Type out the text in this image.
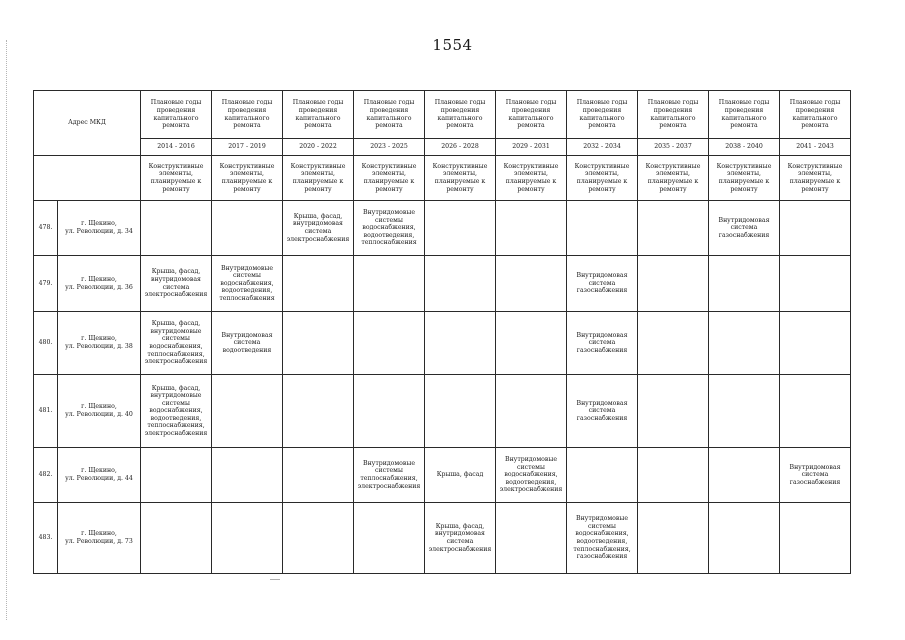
1554
Адрес МКД		Плановые годы проведения капитального ремонта	Плановые годы проведения капитального ремонта	Плановые годы проведения капитального ремонта	Плановые годы проведения капитального ремонта	Плановые годы проведения капитального ремонта	Плановые годы проведения капитального ремонта	Плановые годы проведения капитального ремонта	Плановые годы проведения капитального ремонта	Плановые годы проведения капитального ремонта	Плановые годы проведения капитального ремонта
		2014 - 2016	2017 - 2019	2020 - 2022	2023 - 2025	2026 - 2028	2029 - 2031	2032 - 2034	2035 - 2037	2038 - 2040	2041 - 2043
		Конструктивные элементы, планируемые к ремонту	Конструктивные элементы, планируемые к ремонту	Конструктивные элементы, планируемые к ремонту	Конструктивные элементы, планируемые к ремонту	Конструктивные элементы, планируемые к ремонту	Конструктивные элементы, планируемые к ремонту	Конструктивные элементы, планируемые к ремонту	Конструктивные элементы, планируемые к ремонту	Конструктивные элементы, планируемые к ремонту	Конструктивные элементы, планируемые к ремонту
478.	г. Щекино,
ул. Революции, д. 34			Крыша, фасад, внутридомовая система электроснабжения	Внутридомовые системы водоснабжения, водоотведения, теплоснабжения					Внутридомовая система газоснабжения	
479.	г. Щекино,
ул. Революции, д. 36	Крыша, фасад, внутридомовая система электроснабжения	Внутридомовые системы водоснабжения, водоотведения, теплоснабжения					Внутридомовая система газоснабжения			
480.	г. Щекино,
ул. Революции, д. 38	Крыша, фасад, внутридомовые системы водоснабжения, теплоснабжения, электроснабжения	Внутридомовая система водоотведения					Внутридомовая система газоснабжения			
481.	г. Щекино,
ул. Революции, д. 40	Крыша, фасад, внутридомовые системы водоснабжения, водоотведения, теплоснабжения, электроснабжения						Внутридомовая система газоснабжения			
482.	г. Щекино,
ул. Революции, д. 44				Внутридомовые системы теплоснабжения, электроснабжения	Крыша, фасад	Внутридомовые системы водоснабжения, водоотведения, электроснабжения				Внутридомовая система газоснабжения
483.	г. Щекино,
ул. Революции, д. 73					Крыша, фасад, внутридомовая система электроснабжения		Внутридомовые системы водоснабжения, водоотведения, теплоснабжения, газоснабжения			
